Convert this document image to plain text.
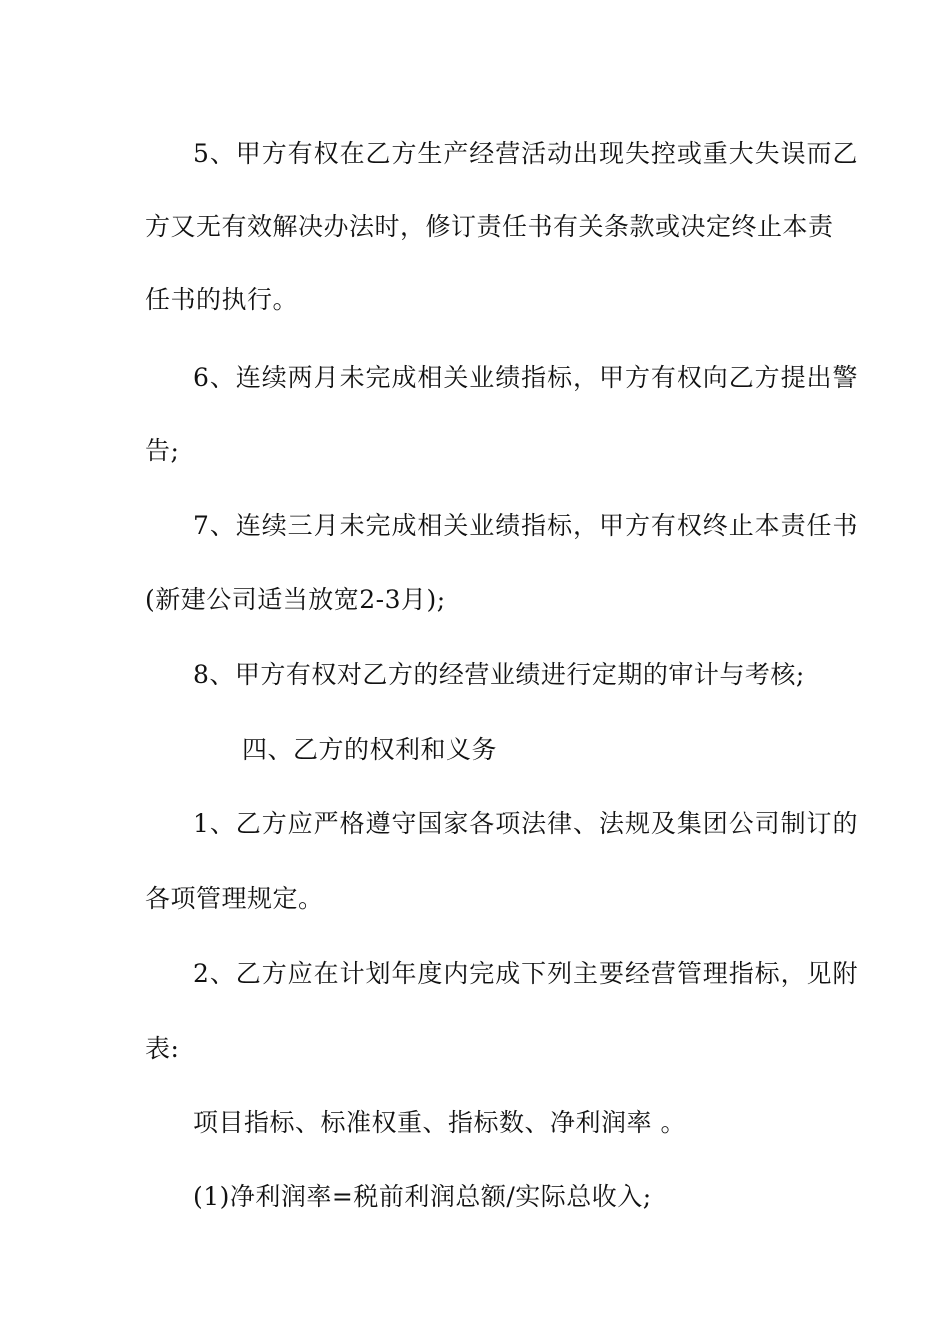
5、甲方有权在乙方生产经营活动出现失控或重大失误而乙
方又无有效解决办法时，修订责任书有关条款或决定终止本责
任书的执行。
6、连续两月未完成相关业绩指标，甲方有权向乙方提出警
告;
7、连续三月未完成相关业绩指标，甲方有权终止本责任书
(新建公司适当放宽2-3月);
8、甲方有权对乙方的经营业绩进行定期的审计与考核;
四、乙方的权利和义务
1、乙方应严格遵守国家各项法律、法规及集团公司制订的
各项管理规定。
2、乙方应在计划年度内完成下列主要经营管理指标，见附
表:
项目指标、标准权重、指标数、净利润率 。
(1)净利润率=税前利润总额/实际总收入;
